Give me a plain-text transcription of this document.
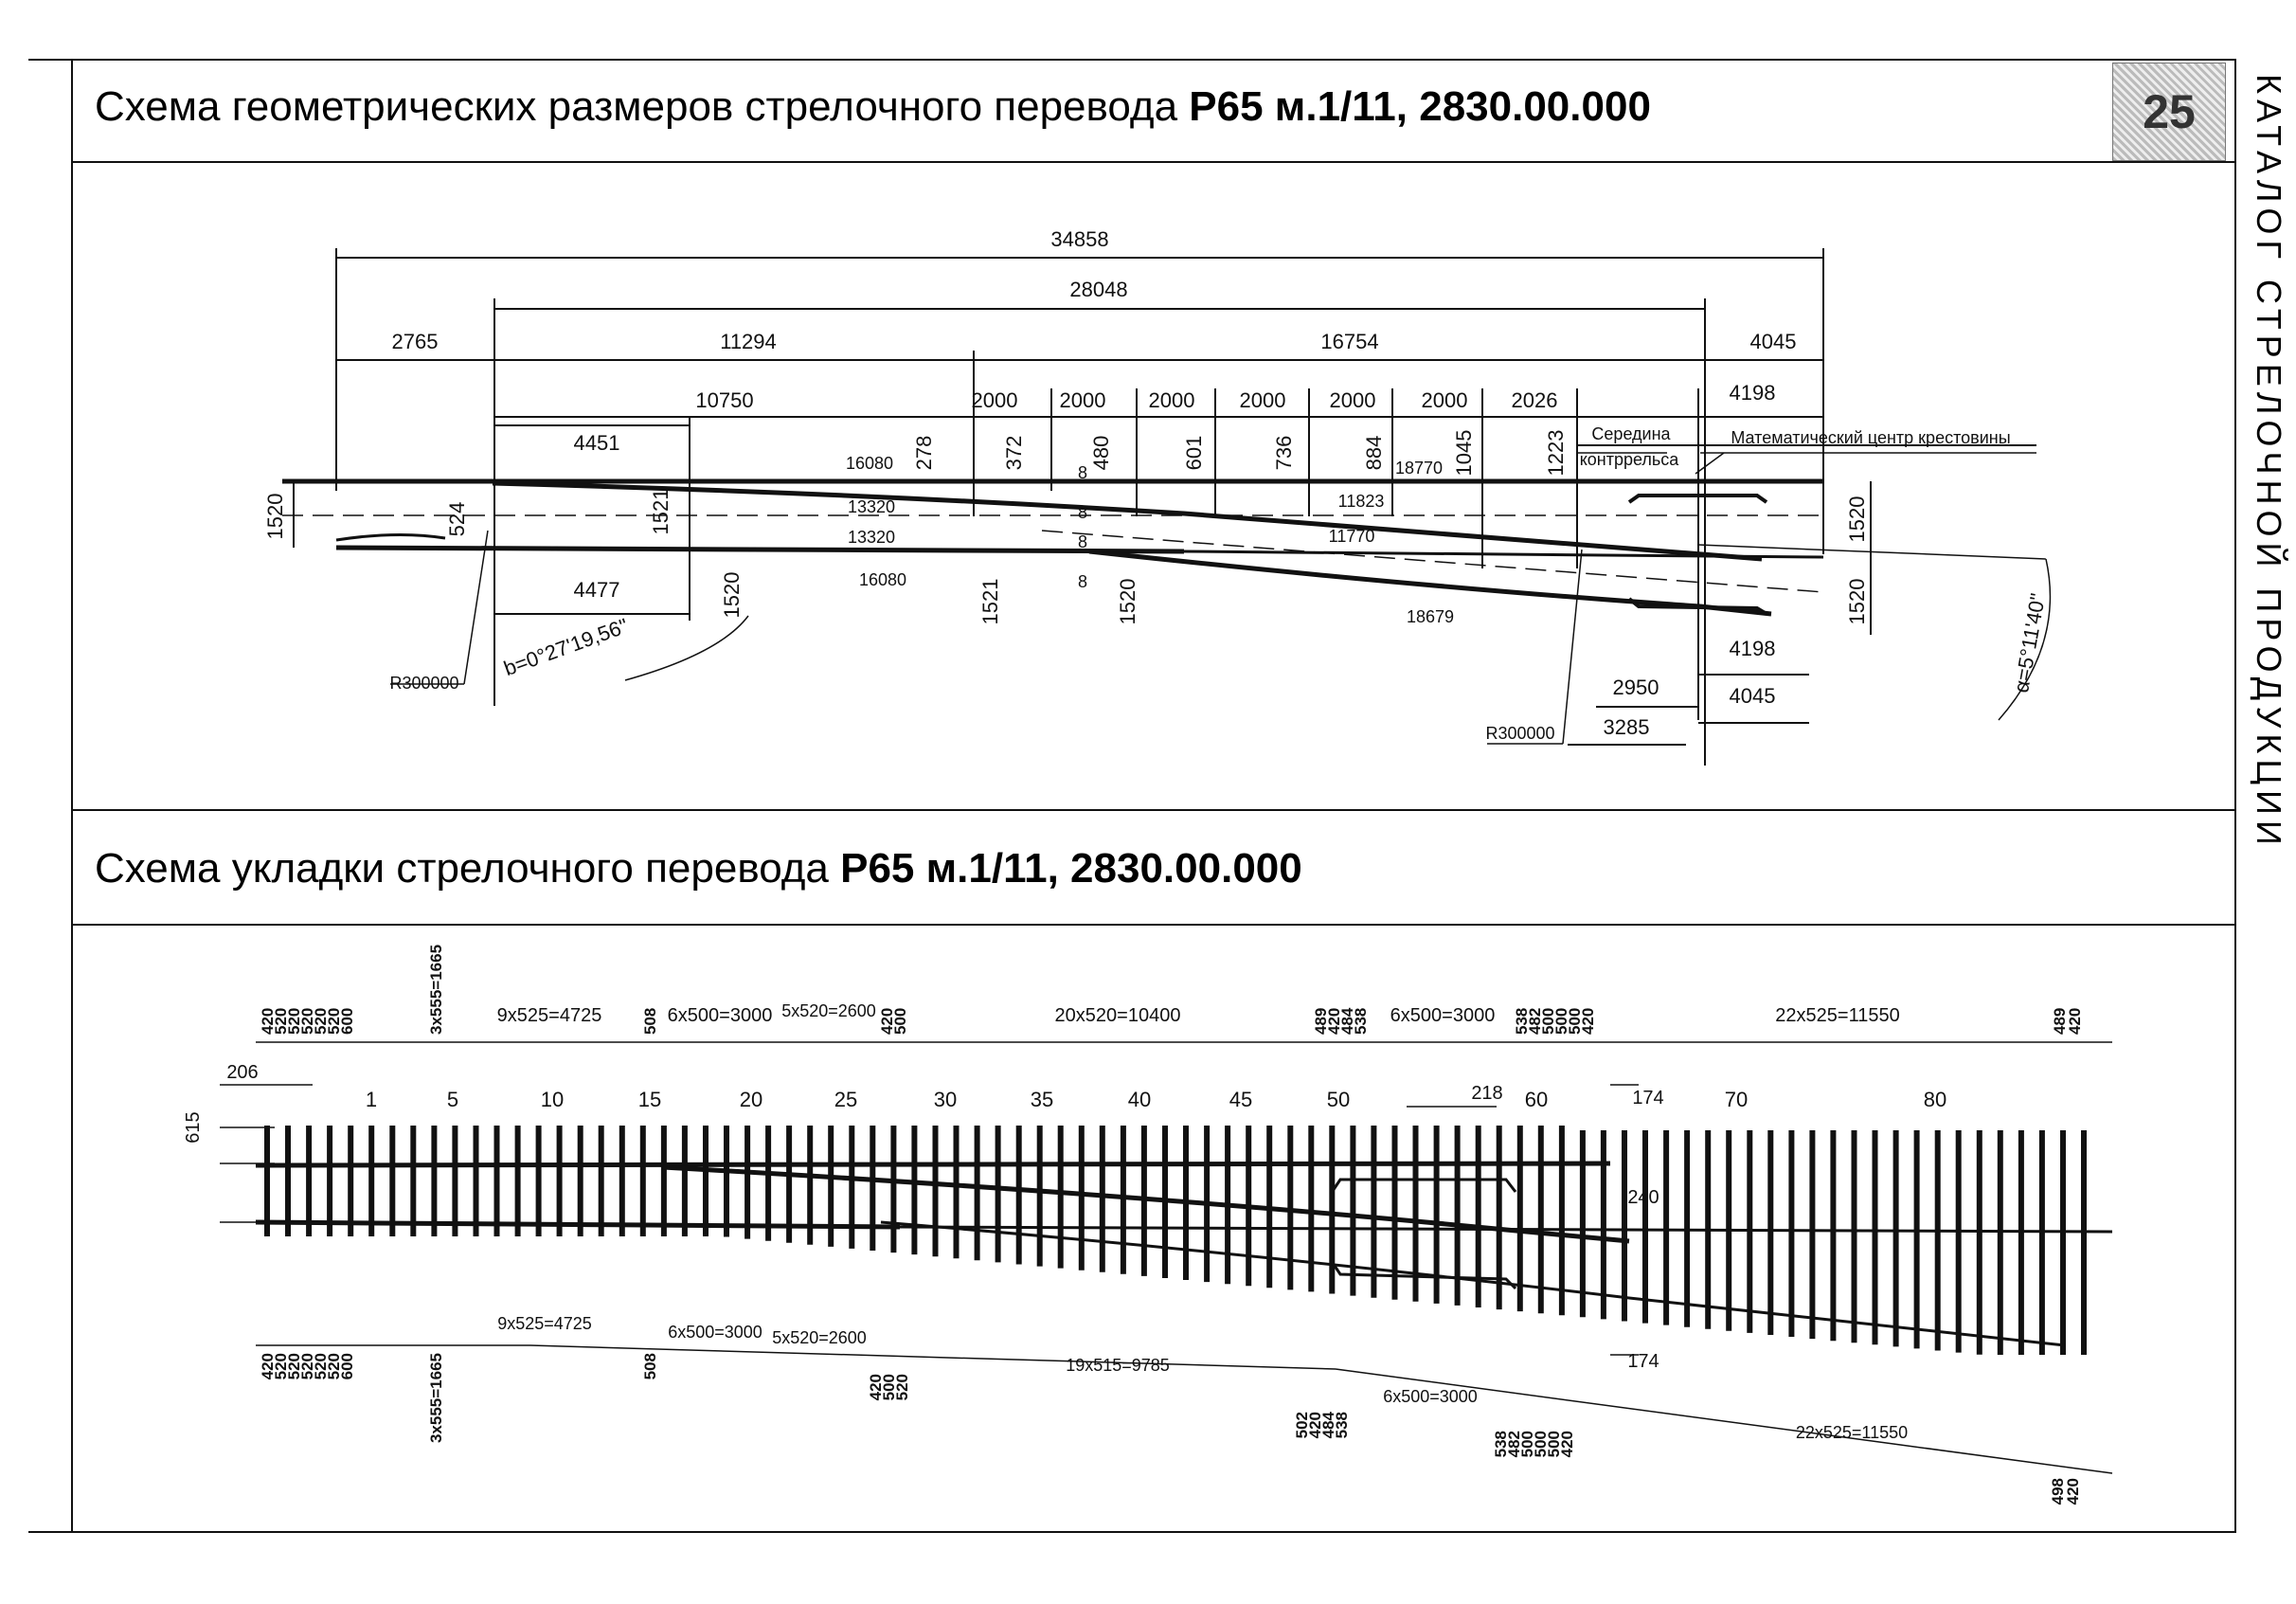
Схема геометрических размеров стрелочного перевода Р65 м.1/11, 2830.00.000
Схема укладки стрелочного перевода Р65 м.1/11, 2830.00.000
25 КАТАЛОГ СТРЕЛОЧНОЙ ПРОДУКЦИИ
34858
28048
2765	11294	16754	4045
10750	2000 2000 2000 2000 2000 2000 2026	4198
4451
4477
16080
13320
13320
16080
8
8
8
8
18770
11823
11770
18679
4198
2950	4045
3285
R300000
R300000
Середина
контррельса
Математический центр крестовины
b=0°27'19,56"	α=5°11'40"
1520	524	1521
1520	1521	1520
278	372	480	601	736	884	1045	1223
1520
1520
9x525=4725	6x500=3000 5x520=2600	20x520=10400	6x500=3000	22x525=11550
9x525=4725	6x500=3000 5x520=2600
19x515=9785
6x500=3000
22x525=11550
206
218	174
174
240
615
1	5	10	15	20	25	30	35	40	45	50	60	70	80
420
520
520
520
520
520
600	3x555=1665	508	420
500	489
420
484
538	538
482
500
500
500
420	489
420
420
520
520
520
520
520
600	3x555=1665	508
420
500
520
502
420
484
538
538
482
500
500
500
420
498
420
